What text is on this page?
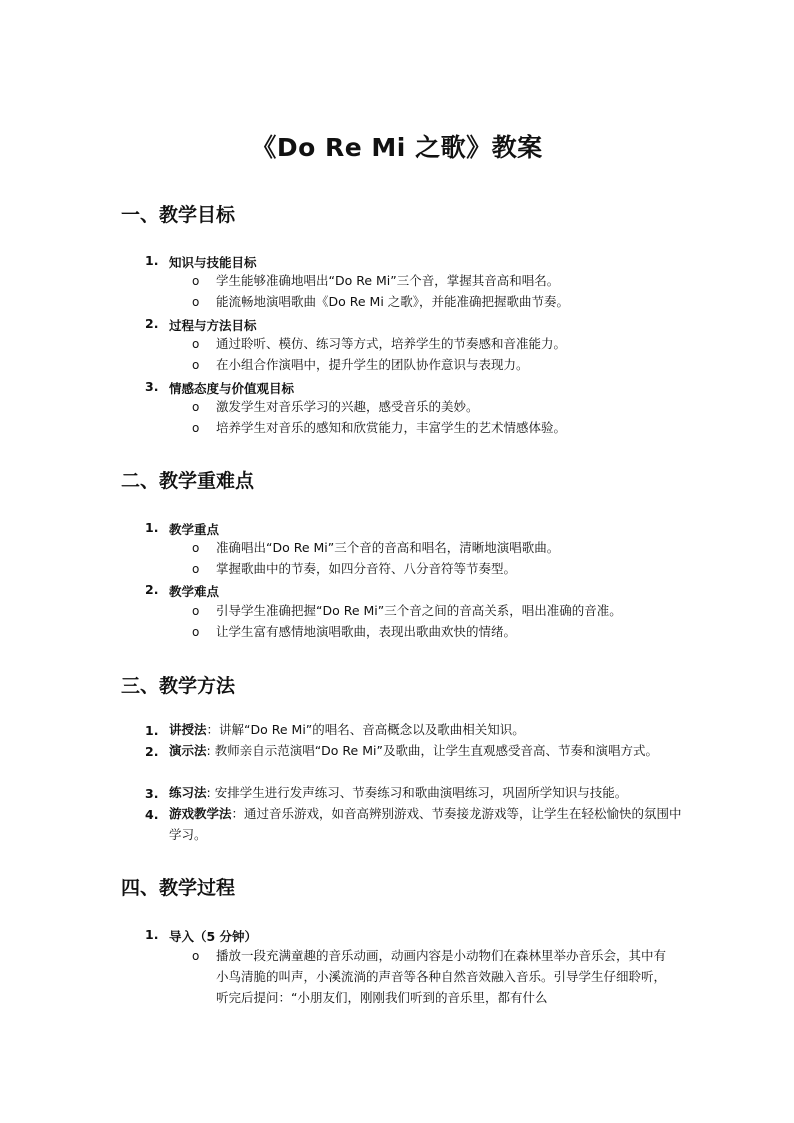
《Do Re Mi 之歌》教案
一、教学目标
1. 知识与技能目标
o 学生能够准确地唱出“Do Re Mi”三个音，掌握其音高和唱名。
o 能流畅地演唱歌曲《Do Re Mi 之歌》，并能准确把握歌曲节奏。
2. 过程与方法目标
o 通过聆听、模仿、练习等方式，培养学生的节奏感和音准能力。
o 在小组合作演唱中，提升学生的团队协作意识与表现力。
3. 情感态度与价值观目标
o 激发学生对音乐学习的兴趣，感受音乐的美妙。
o 培养学生对音乐的感知和欣赏能力，丰富学生的艺术情感体验。
二、教学重难点
1. 教学重点
o 准确唱出“Do Re Mi”三个音的音高和唱名，清晰地演唱歌曲。
o 掌握歌曲中的节奏，如四分音符、八分音符等节奏型。
2. 教学难点
o 引导学生准确把握“Do Re Mi”三个音之间的音高关系，唱出准确的音准。
o 让学生富有感情地演唱歌曲，表现出歌曲欢快的情绪。
三、教学方法
1. 讲授法：讲解“Do Re Mi”的唱名、音高概念以及歌曲相关知识。
2. 演示法: 教师亲自示范演唱“Do Re Mi”及歌曲，让学生直观感受音高、节奏和演唱方式。
3. 练习法: 安排学生进行发声练习、节奏练习和歌曲演唱练习，巩固所学知识与技能。
4. 游戏教学法：通过音乐游戏，如音高辨别游戏、节奏接龙游戏等，让学生在轻松愉快的氛围中学习。
四、教学过程
1. 导入（5 分钟）
o 播放一段充满童趣的音乐动画，动画内容是小动物们在森林里举办音乐会，其中有小鸟清脆的叫声，小溪流淌的声音等各种自然音效融入音乐。引导学生仔细聆听，听完后提问：“小朋友们，刚刚我们听到的音乐里，都有什么
